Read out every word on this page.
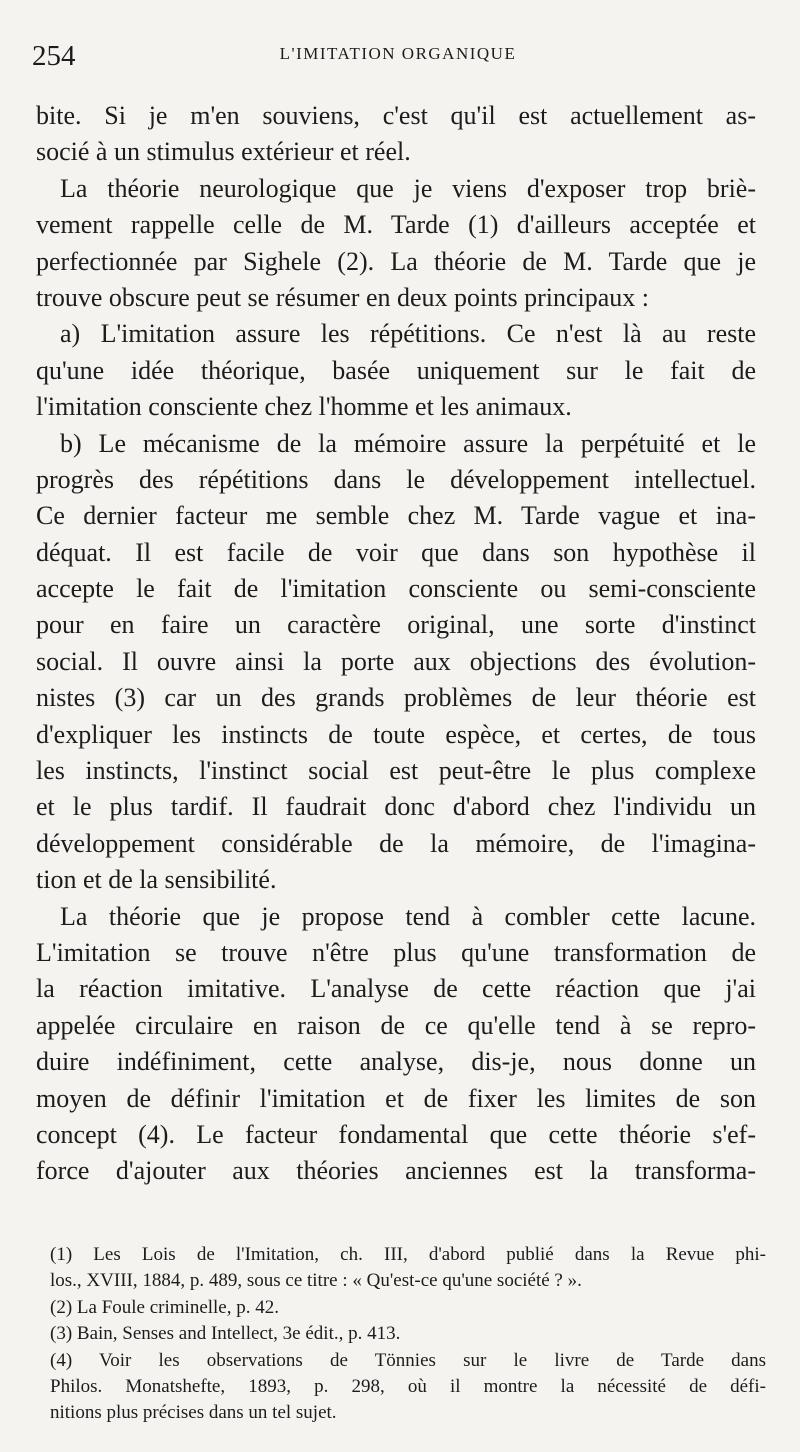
254	L'IMITATION ORGANIQUE
bite. Si je m'en souviens, c'est qu'il est actuellement as-
socié à un stimulus extérieur et réel.
La théorie neurologique que je viens d'exposer trop briè-
vement rappelle celle de M. Tarde (1) d'ailleurs acceptée et
perfectionnée par Sighele (2). La théorie de M. Tarde que je
trouve obscure peut se résumer en deux points principaux :
a) L'imitation assure les répétitions. Ce n'est là au reste
qu'une idée théorique, basée uniquement sur le fait de
l'imitation consciente chez l'homme et les animaux.
b) Le mécanisme de la mémoire assure la perpétuité et le
progrès des répétitions dans le développement intellectuel.
Ce dernier facteur me semble chez M. Tarde vague et ina-
déquat. Il est facile de voir que dans son hypothèse il
accepte le fait de l'imitation consciente ou semi-consciente
pour en faire un caractère original, une sorte d'instinct
social. Il ouvre ainsi la porte aux objections des évolution-
nistes (3) car un des grands problèmes de leur théorie est
d'expliquer les instincts de toute espèce, et certes, de tous
les instincts, l'instinct social est peut-être le plus complexe
et le plus tardif. Il faudrait donc d'abord chez l'individu un
développement considérable de la mémoire, de l'imagina-
tion et de la sensibilité.
La théorie que je propose tend à combler cette lacune.
L'imitation se trouve n'être plus qu'une transformation de
la réaction imitative. L'analyse de cette réaction que j'ai
appelée circulaire en raison de ce qu'elle tend à se repro-
duire indéfiniment, cette analyse, dis-je, nous donne un
moyen de définir l'imitation et de fixer les limites de son
concept (4). Le facteur fondamental que cette théorie s'ef-
force d'ajouter aux théories anciennes est la transforma-
(1) Les Lois de l'Imitation, ch. III, d'abord publié dans la Revue phi-
los., XVIII, 1884, p. 489, sous ce titre : « Qu'est-ce qu'une société ? ».
(2) La Foule criminelle, p. 42.
(3) Bain, Senses and Intellect, 3e édit., p. 413.
(4) Voir les observations de Tönnies sur le livre de Tarde dans
Philos. Monatshefte, 1893, p. 298, où il montre la nécessité de défi-
nitions plus précises dans un tel sujet.
